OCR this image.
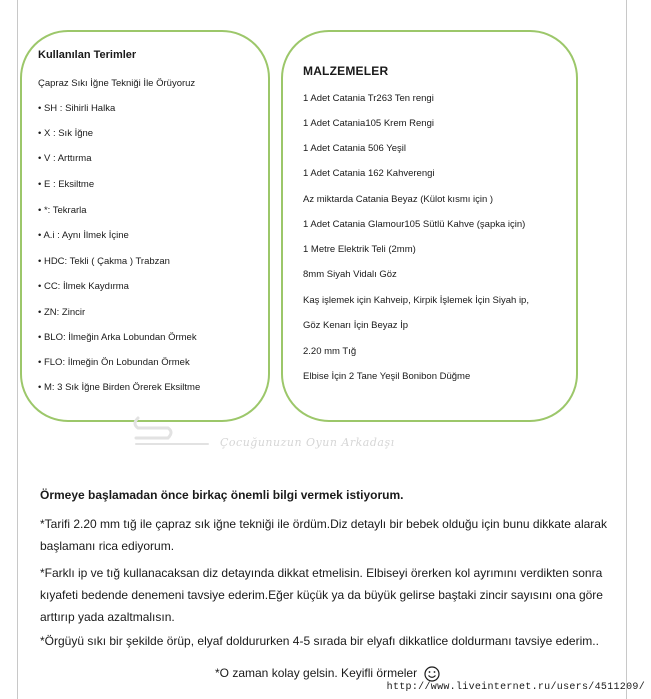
Kullanılan Terimler
Çapraz Sıkı İğne Tekniği İle Örüyoruz
• SH : Sihirli Halka
• X : Sık İğne
• V : Arttırma
• E : Eksiltme
• *: Tekrarla
• A.i : Aynı İlmek İçine
• HDC: Tekli ( Çakma ) Trabzan
• CC: İlmek Kaydırma
• ZN: Zincir
• BLO: İlmeğin Arka Lobundan Örmek
• FLO: İlmeğin Ön Lobundan Örmek
• M: 3 Sık İğne Birden Örerek Eksiltme
MALZEMELER
1 Adet Catania Tr263 Ten rengi
1 Adet Catania105 Krem Rengi
1 Adet Catania 506 Yeşil
1 Adet Catania 162 Kahverengi
Az miktarda Catania Beyaz (Külot kısmı için )
1 Adet Catania Glamour105 Sütlü Kahve (şapka için)
1 Metre Elektrik Teli (2mm)
8mm Siyah Vidalı Göz
Kaş işlemek için Kahveip, Kirpik İşlemek İçin Siyah ip,
Göz Kenarı İçin Beyaz İp
2.20 mm Tığ
Elbise İçin 2 Tane Yeşil Bonibon Düğme
Çocuğunuzun Oyun Arkadaşı
Örmeye başlamadan önce birkaç önemli bilgi vermek istiyorum.
*Tarifi 2.20 mm tığ ile çapraz sık iğne tekniği ile ördüm.Diz detaylı bir bebek olduğu için bunu dikkate alarak başlamanı rica ediyorum.
*Farklı ip ve tığ kullanacaksan diz detayında dikkat etmelisin. Elbiseyi örerken kol ayrımını verdikten sonra kıyafeti bedende denemeni tavsiye ederim.Eğer küçük ya da büyük gelirse baştaki zincir sayısını ona göre arttırıp yada azaltmalısın.
*Örgüyü sıkı bir şekilde örüp, elyaf doldururken 4-5 sırada bir elyafı dikkatlice doldurmanı tavsiye ederim..
*O zaman kolay gelsin. Keyifli örmeler
http://www.liveinternet.ru/users/4511209/
